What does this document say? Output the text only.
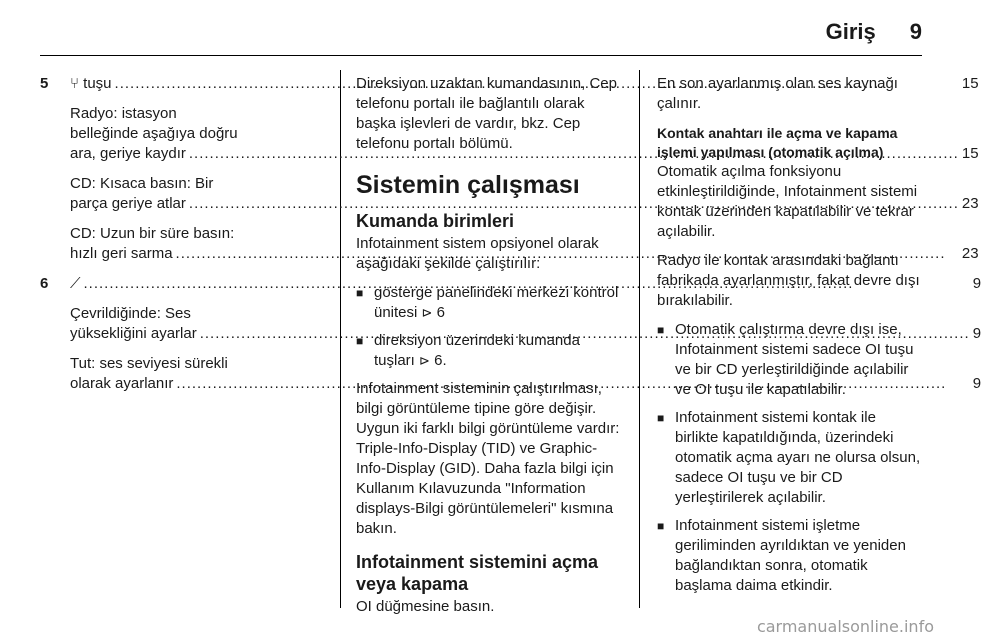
Giriş 9
5	⑂ tuşu .....	15
Radyo: istasyon
belleğinde aşağıya doğru
ara, geriye kaydır .....	15
CD: Kısaca basın: Bir
parça geriye atlar .....	23
CD: Uzun bir süre basın:
hızlı geri sarma .....	23
6	⟋ .....	9
Çevrildiğinde: Ses
yüksekliğini ayarlar .....	9
Tut: ses seviyesi sürekli
olarak ayarlanır .....	9

Direksiyon uzaktan kumandasının, Cep telefonu portalı ile bağlantılı olarak başka işlevleri de vardır, bkz. Cep telefonu portalı bölümü.

Sistemin çalışması
Kumanda birimleri

Infotainment sistem opsiyonel olarak aşağıdaki şekilde çalıştırılır:

■ gösterge panelindeki merkezi kontrol ünitesi ⊳ 6
■ direksiyon üzerindeki kumanda tuşları ⊳ 6.

Infotainment sisteminin çalıştırılması, bilgi görüntüleme tipine göre değişir. Uygun iki farklı bilgi görüntüleme vardır: Triple-Info-Display (TID) ve Graphic-Info-Display (GID). Daha fazla bilgi için Kullanım Kılavuzunda "Information displays-Bilgi görüntülemeleri" kısmına bakın.

Infotainment sistemini açma veya kapama

OI düğmesine basın.

En son ayarlanmış olan ses kaynağı çalınır.

Kontak anahtarı ile açma ve kapama işlemi yapılması (otomatik açılma)

Otomatik açılma fonksiyonu etkinleştirildiğinde, Infotainment sistemi kontak üzerinden kapatılabilir ve tekrar açılabilir.

Radyo ile kontak arasındaki bağlantı fabrikada ayarlanmıştır, fakat devre dışı bırakılabilir.

■ Otomatik çalıştırma devre dışı ise, Infotainment sistemi sadece OI tuşu ve bir CD yerleştirildiğinde açılabilir ve OI tuşu ile kapatılabilir.
■ Infotainment sistemi kontak ile birlikte kapatıldığında, üzerindeki otomatik açma ayarı ne olursa olsun, sadece OI tuşu ve bir CD yerleştirilerek açılabilir.
■ Infotainment sistemi işletme geriliminden ayrıldıktan ve yeniden bağlandıktan sonra, otomatik başlama daima etkindir.
carmanualsonline.info
